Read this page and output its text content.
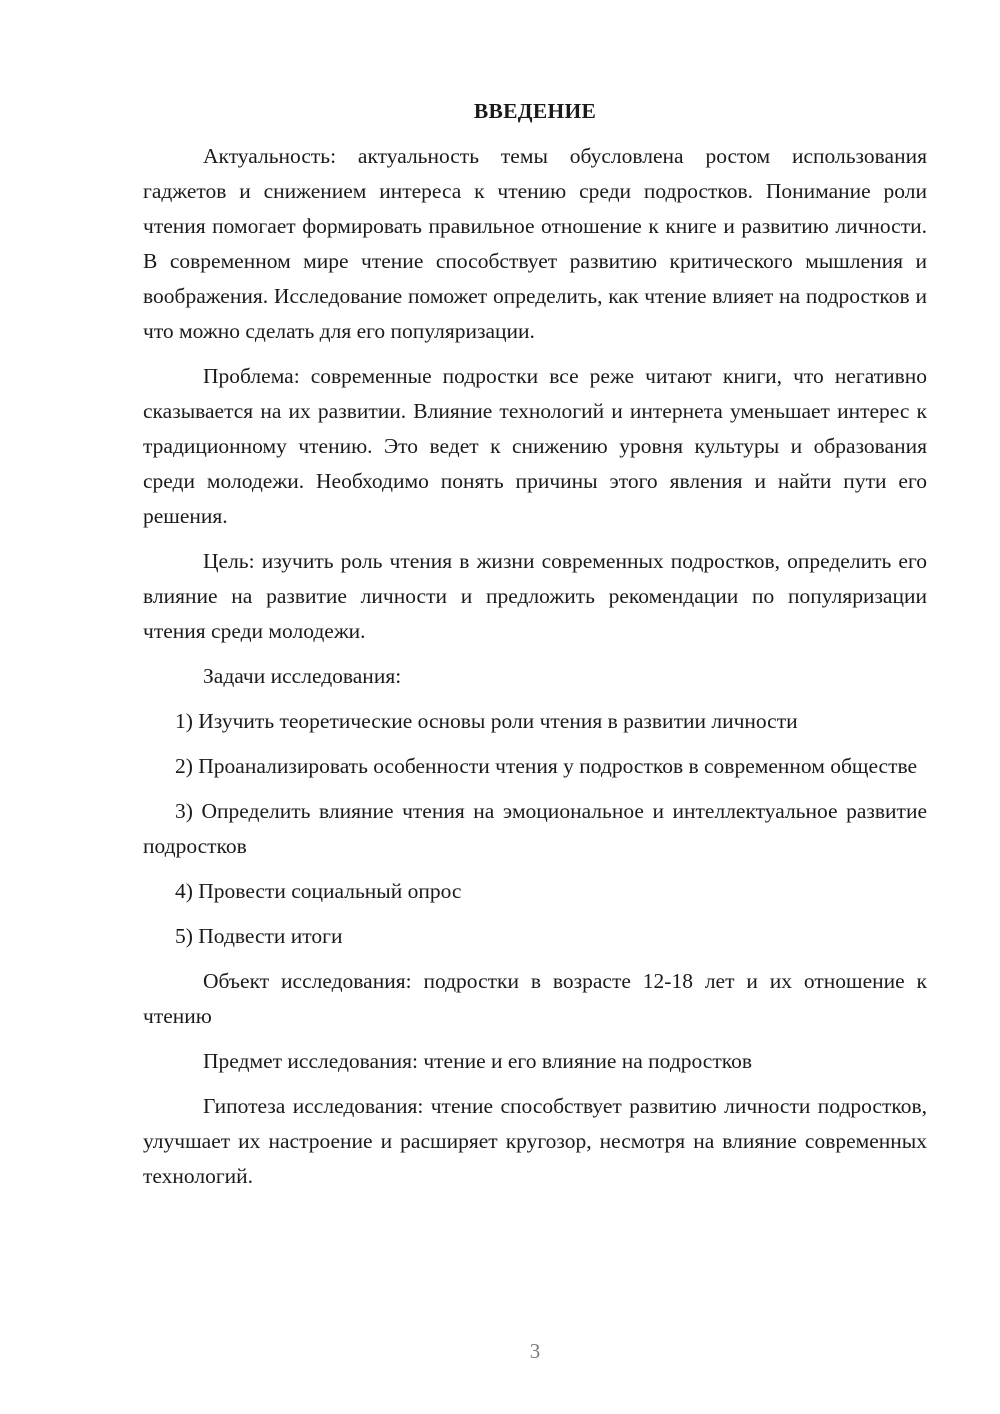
ВВЕДЕНИЕ

Актуальность: актуальность темы обусловлена ростом использования гаджетов и снижением интереса к чтению среди подростков. Понимание роли чтения помогает формировать правильное отношение к книге и развитию личности. В современном мире чтение способствует развитию критического мышления и воображения. Исследование поможет определить, как чтение влияет на подростков и что можно сделать для его популяризации.

Проблема: современные подростки все реже читают книги, что негативно сказывается на их развитии. Влияние технологий и интернета уменьшает интерес к традиционному чтению. Это ведет к снижению уровня культуры и образования среди молодежи. Необходимо понять причины этого явления и найти пути его решения.

Цель: изучить роль чтения в жизни современных подростков, определить его влияние на развитие личности и предложить рекомендации по популяризации чтения среди молодежи.

Задачи исследования:

1) Изучить теоретические основы роли чтения в развитии личности

2) Проанализировать особенности чтения у подростков в современном обществе

3) Определить влияние чтения на эмоциональное и интеллектуальное развитие подростков

4) Провести социальный опрос

5) Подвести итоги

Объект исследования: подростки в возрасте 12-18 лет и их отношение к чтению

Предмет исследования: чтение и его влияние на подростков

Гипотеза исследования: чтение способствует развитию личности подростков, улучшает их настроение и расширяет кругозор, несмотря на влияние современных технологий.

3
